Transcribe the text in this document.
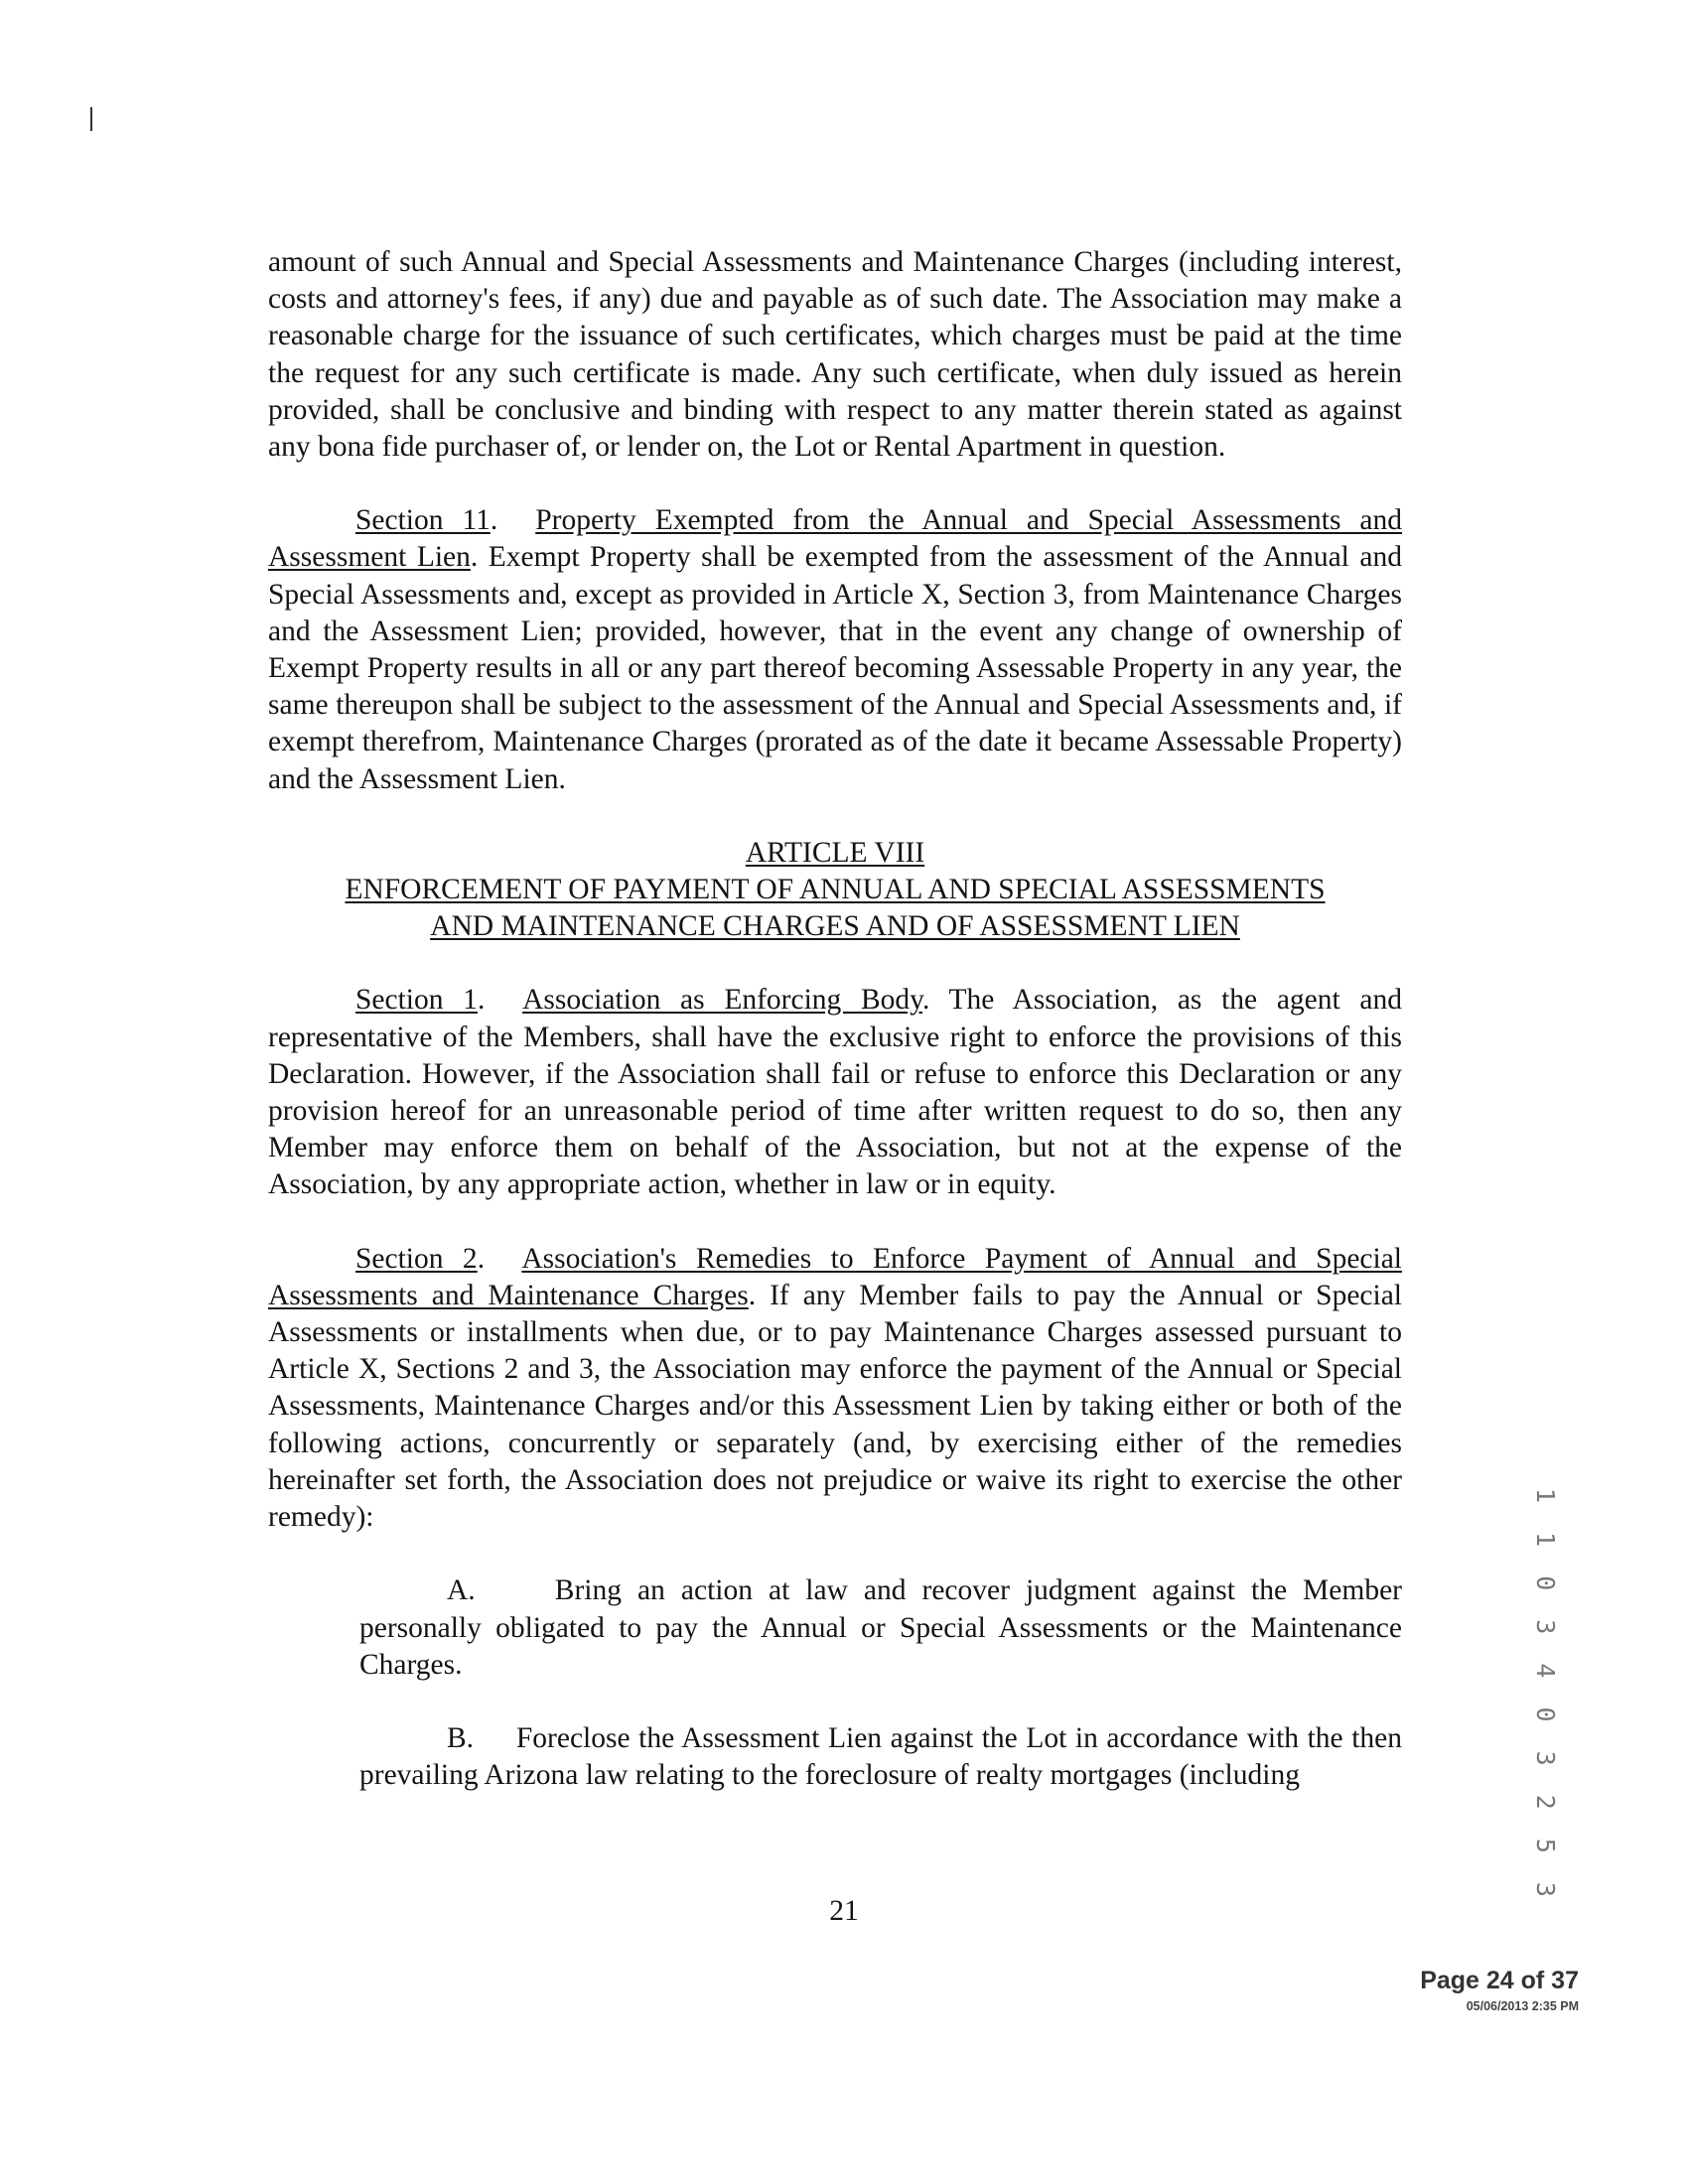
amount of such Annual and Special Assessments and Maintenance Charges (including interest, costs and attorney's fees, if any) due and payable as of such date. The Association may make a reasonable charge for the issuance of such certificates, which charges must be paid at the time the request for any such certificate is made. Any such certificate, when duly issued as herein provided, shall be conclusive and binding with respect to any matter therein stated as against any bona fide purchaser of, or lender on, the Lot or Rental Apartment in question.

Section 11.  Property Exempted from the Annual and Special Assessments and Assessment Lien. Exempt Property shall be exempted from the assessment of the Annual and Special Assessments and, except as provided in Article X, Section 3, from Maintenance Charges and the Assessment Lien; provided, however, that in the event any change of ownership of Exempt Property results in all or any part thereof becoming Assessable Property in any year, the same thereupon shall be subject to the assessment of the Annual and Special Assessments and, if exempt therefrom, Maintenance Charges (prorated as of the date it became Assessable Property) and the Assessment Lien.

ARTICLE VIII
ENFORCEMENT OF PAYMENT OF ANNUAL AND SPECIAL ASSESSMENTS
AND MAINTENANCE CHARGES AND OF ASSESSMENT LIEN

Section 1.  Association as Enforcing Body. The Association, as the agent and representative of the Members, shall have the exclusive right to enforce the provisions of this Declaration. However, if the Association shall fail or refuse to enforce this Declaration or any provision hereof for an unreasonable period of time after written request to do so, then any Member may enforce them on behalf of the Association, but not at the expense of the Association, by any appropriate action, whether in law or in equity.

Section 2.  Association's Remedies to Enforce Payment of Annual and Special Assessments and Maintenance Charges. If any Member fails to pay the Annual or Special Assessments or installments when due, or to pay Maintenance Charges assessed pursuant to Article X, Sections 2 and 3, the Association may enforce the payment of the Annual or Special Assessments, Maintenance Charges and/or this Assessment Lien by taking either or both of the following actions, concurrently or separately (and, by exercising either of the remedies hereinafter set forth, the Association does not prejudice or waive its right to exercise the other remedy):

A.	Bring an action at law and recover judgment against the Member personally obligated to pay the Annual or Special Assessments or the Maintenance Charges.

B. Foreclose the Assessment Lien against the Lot in accordance with the then prevailing Arizona law relating to the foreclosure of realty mortgages (including

21
1 1 0 3 4 0 3 2 5 3
Page 24 of 37
05/06/2013 2:35 PM
